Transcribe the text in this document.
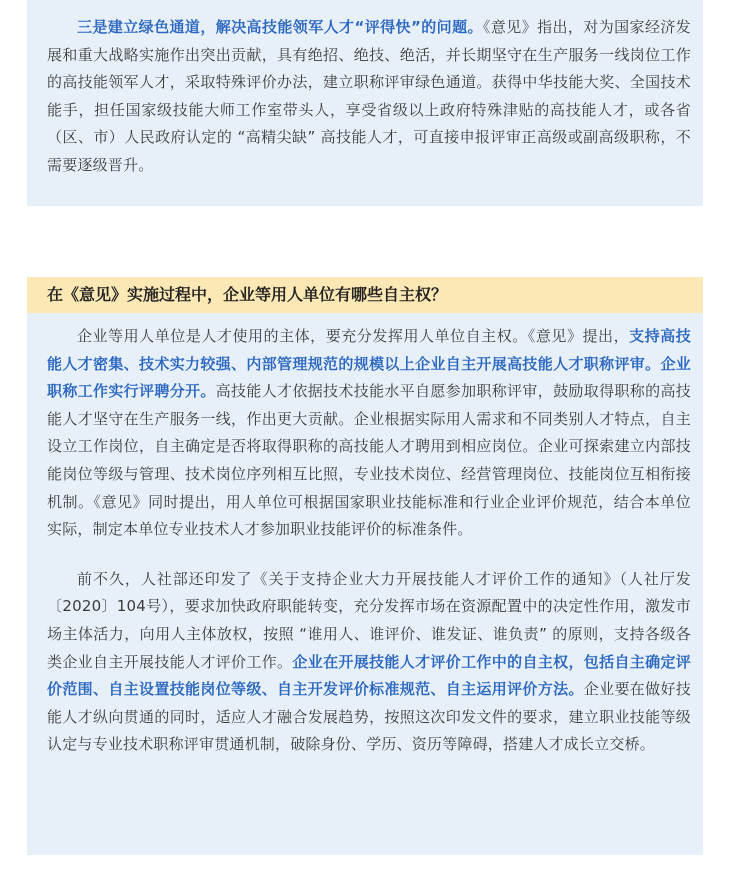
三是建立绿色通道，解决高技能领军人才“评得快”的问题。《意见》指出，对为国家经济发展和重大战略实施作出突出贡献，具有绝招、绝技、绝活，并长期坚守在生产服务一线岗位工作的高技能领军人才，采取特殊评价办法，建立职称评审绿色通道。获得中华技能大奖、全国技术能手，担任国家级技能大师工作室带头人，享受省级以上政府特殊津贴的高技能人才，或各省（区、市）人民政府认定的 “高精尖缺” 高技能人才，可直接申报评审正高级或副高级职称，不需要逐级晋升。

在《意见》实施过程中，企业等用人单位有哪些自主权？

企业等用人单位是人才使用的主体，要充分发挥用人单位自主权。《意见》提出，支持高技能人才密集、技术实力较强、内部管理规范的规模以上企业自主开展高技能人才职称评审。企业职称工作实行评聘分开。高技能人才依据技术技能水平自愿参加职称评审，鼓励取得职称的高技能人才坚守在生产服务一线，作出更大贡献。企业根据实际用人需求和不同类别人才特点，自主设立工作岗位，自主确定是否将取得职称的高技能人才聘用到相应岗位。企业可探索建立内部技能岗位等级与管理、技术岗位序列相互比照，专业技术岗位、经营管理岗位、技能岗位互相衔接机制。《意见》同时提出，用人单位可根据国家职业技能标准和行业企业评价规范，结合本单位实际，制定本单位专业技术人才参加职业技能评价的标准条件。

前不久，人社部还印发了《关于支持企业大力开展技能人才评价工作的通知》（人社厅发〔2020〕104号），要求加快政府职能转变，充分发挥市场在资源配置中的决定性作用，激发市场主体活力，向用人主体放权，按照 “谁用人、谁评价、谁发证、谁负责” 的原则，支持各级各类企业自主开展技能人才评价工作。企业在开展技能人才评价工作中的自主权，包括自主确定评价范围、自主设置技能岗位等级、自主开发评价标准规范、自主运用评价方法。企业要在做好技能人才纵向贯通的同时，适应人才融合发展趋势，按照这次印发文件的要求，建立职业技能等级认定与专业技术职称评审贯通机制，破除身份、学历、资历等障碍，搭建人才成长立交桥。
